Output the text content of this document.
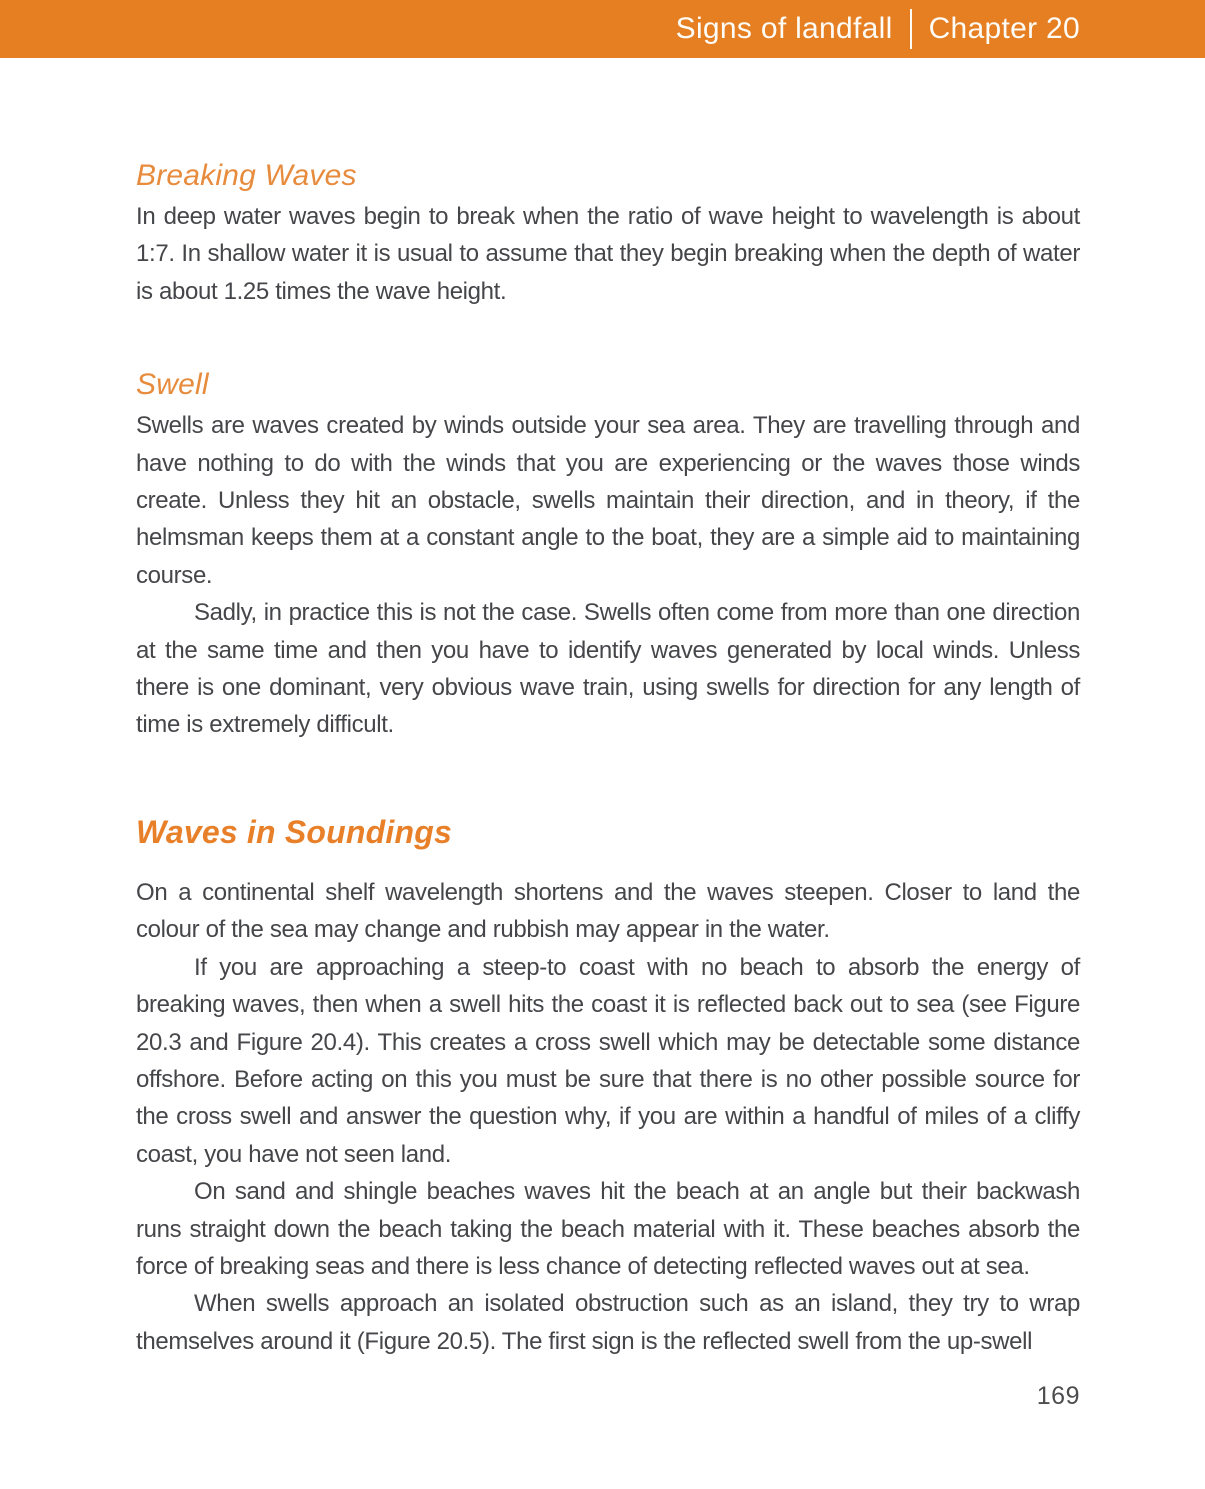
Signs of landfall Chapter 20
Breaking Waves

In deep water waves begin to break when the ratio of wave height to wavelength is about 1:7. In shallow water it is usual to assume that they begin breaking when the depth of water is about 1.25 times the wave height.

Swell

Swells are waves created by winds outside your sea area. They are travelling through and have nothing to do with the winds that you are experiencing or the waves those winds create. Unless they hit an obstacle, swells maintain their direction, and in theory, if the helmsman keeps them at a constant angle to the boat, they are a simple aid to maintaining course.

Sadly, in practice this is not the case. Swells often come from more than one direction at the same time and then you have to identify waves generated by local winds. Unless there is one dominant, very obvious wave train, using swells for direction for any length of time is extremely difficult.

Waves in Soundings

On a continental shelf wavelength shortens and the waves steepen. Closer to land the colour of the sea may change and rubbish may appear in the water.

If you are approaching a steep-to coast with no beach to absorb the energy of breaking waves, then when a swell hits the coast it is reflected back out to sea (see Figure 20.3 and Figure 20.4). This creates a cross swell which may be detectable some distance offshore. Before acting on this you must be sure that there is no other possible source for the cross swell and answer the question why, if you are within a handful of miles of a cliffy coast, you have not seen land.

On sand and shingle beaches waves hit the beach at an angle but their backwash runs straight down the beach taking the beach material with it. These beaches absorb the force of breaking seas and there is less chance of detecting reflected waves out at sea.

When swells approach an isolated obstruction such as an island, they try to wrap themselves around it (Figure 20.5). The first sign is the reflected swell from the up-swell

169
